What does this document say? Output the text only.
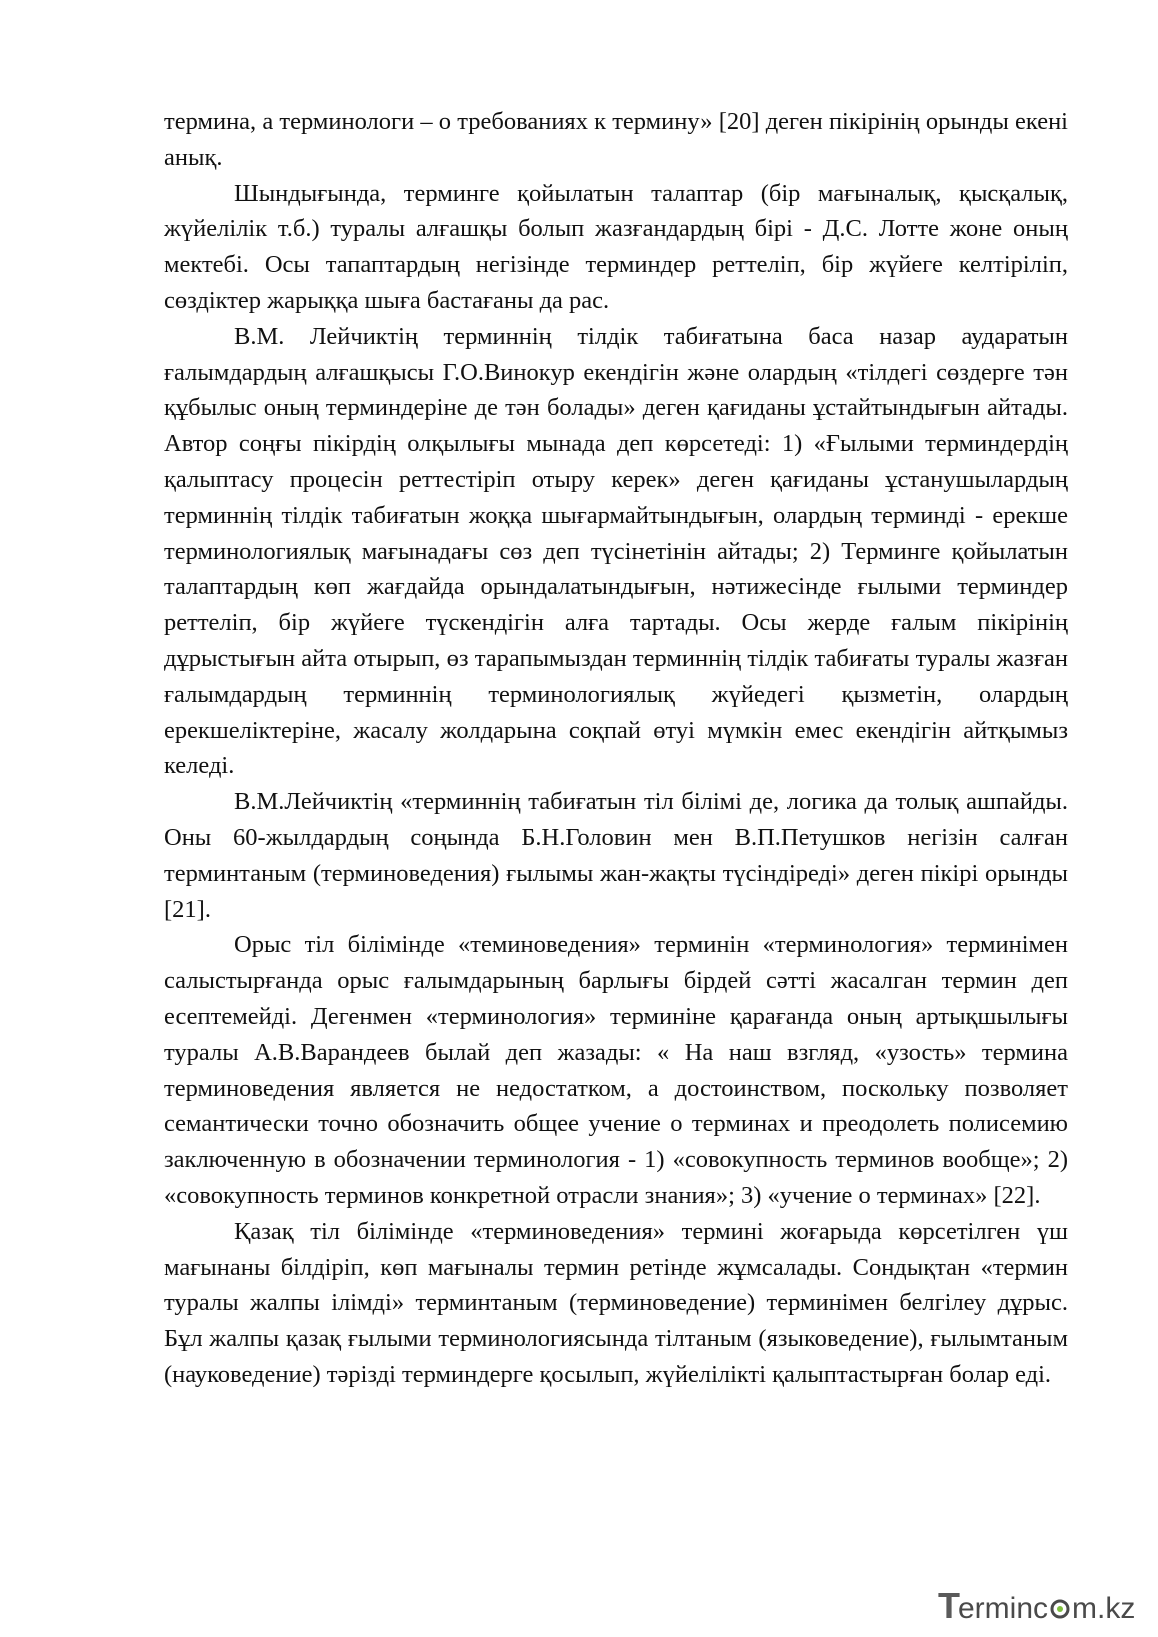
термина, а терминологи – о требованиях к термину» [20] деген пікірінің орынды екені анық.

Шындығында, терминге қойылатын талаптар (бір мағыналық, қысқалық, жүйелілік т.б.) туралы алғашқы болып жазғандардың бірі - Д.С. Лотте жоне оның мектебі. Осы тапаптардың негізінде терминдер реттеліп, бір жүйеге келтіріліп, сөздіктер жарыққа шыға бастағаны да рас.

В.М. Лейчиктің терминнің тілдік табиғатына баса назар аударатын ғалымдардың алғашқысы Г.О.Винокур екендігін және олардың «тілдегі сөздерге тән құбылыс оның терминдеріне де тән болады» деген қағиданы ұстайтындығын айтады. Автор соңғы пікірдің олқылығы мынада деп көрсетеді: 1) «Ғылыми терминдердің қалыптасу процесін реттестіріп отыру керек» деген қағиданы ұстанушылардың терминнің тілдік табиғатын жоққа шығармайтындығын, олардың терминді - ерекше терминологиялық мағынадағы сөз деп түсінетінін айтады; 2) Терминге қойылатын талаптардың көп жағдайда орындалатындығын, нәтижесінде ғылыми терминдер реттеліп, бір жүйеге түскендігін алға тартады. Осы жерде ғалым пікірінің дұрыстығын айта отырып, өз тарапымыздан терминнің тілдік табиғаты туралы жазған ғалымдардың терминнің терминологиялық жүйедегі қызметін, олардың ерекшеліктеріне, жасалу жолдарына соқпай өтуі мүмкін емес екендігін айтқымыз келеді.

В.М.Лейчиктің «терминнің табиғатын тіл білімі де, логика да толық ашпайды. Оны 60-жылдардың соңында Б.Н.Головин мен В.П.Петушков негізін салған терминтаным (терминоведения) ғылымы жан-жақты түсіндіреді» деген пікірі орынды [21].

Орыс тіл білімінде «теминоведения» терминін «терминология» терминімен салыстырғанда орыс ғалымдарының барлығы бірдей сәтті жасалган термин деп есептемейді. Дегенмен «терминология» терминіне қарағанда оның артықшылығы туралы А.В.Варандеев былай деп жазады: « На наш взгляд, «узость» термина терминоведения является не недостатком, а достоинством, поскольку позволяет семантически точно обозначить общее учение о терминах и преодолеть полисемию заключенную в обозначении терминология - 1) «совокупность терминов вообще»; 2) «совокупность терминов конкретной отрасли знания»; 3) «учение о терминах» [22].

Қазақ тіл білімінде «терминоведения» термині жоғарыда көрсетілген үш мағынаны білдіріп, көп мағыналы термин ретінде жұмсалады. Сондықтан «термин туралы жалпы ілімді» терминтаным (терминоведение) терминімен белгілеу дұрыс. Бұл жалпы қазақ ғылыми терминологиясында тілтаным (языковедение), ғылымтаным (науковедение) тәрізді терминдерге қосылып, жүйелілікті қалыптастырған болар еді.

Terminc m.kz
